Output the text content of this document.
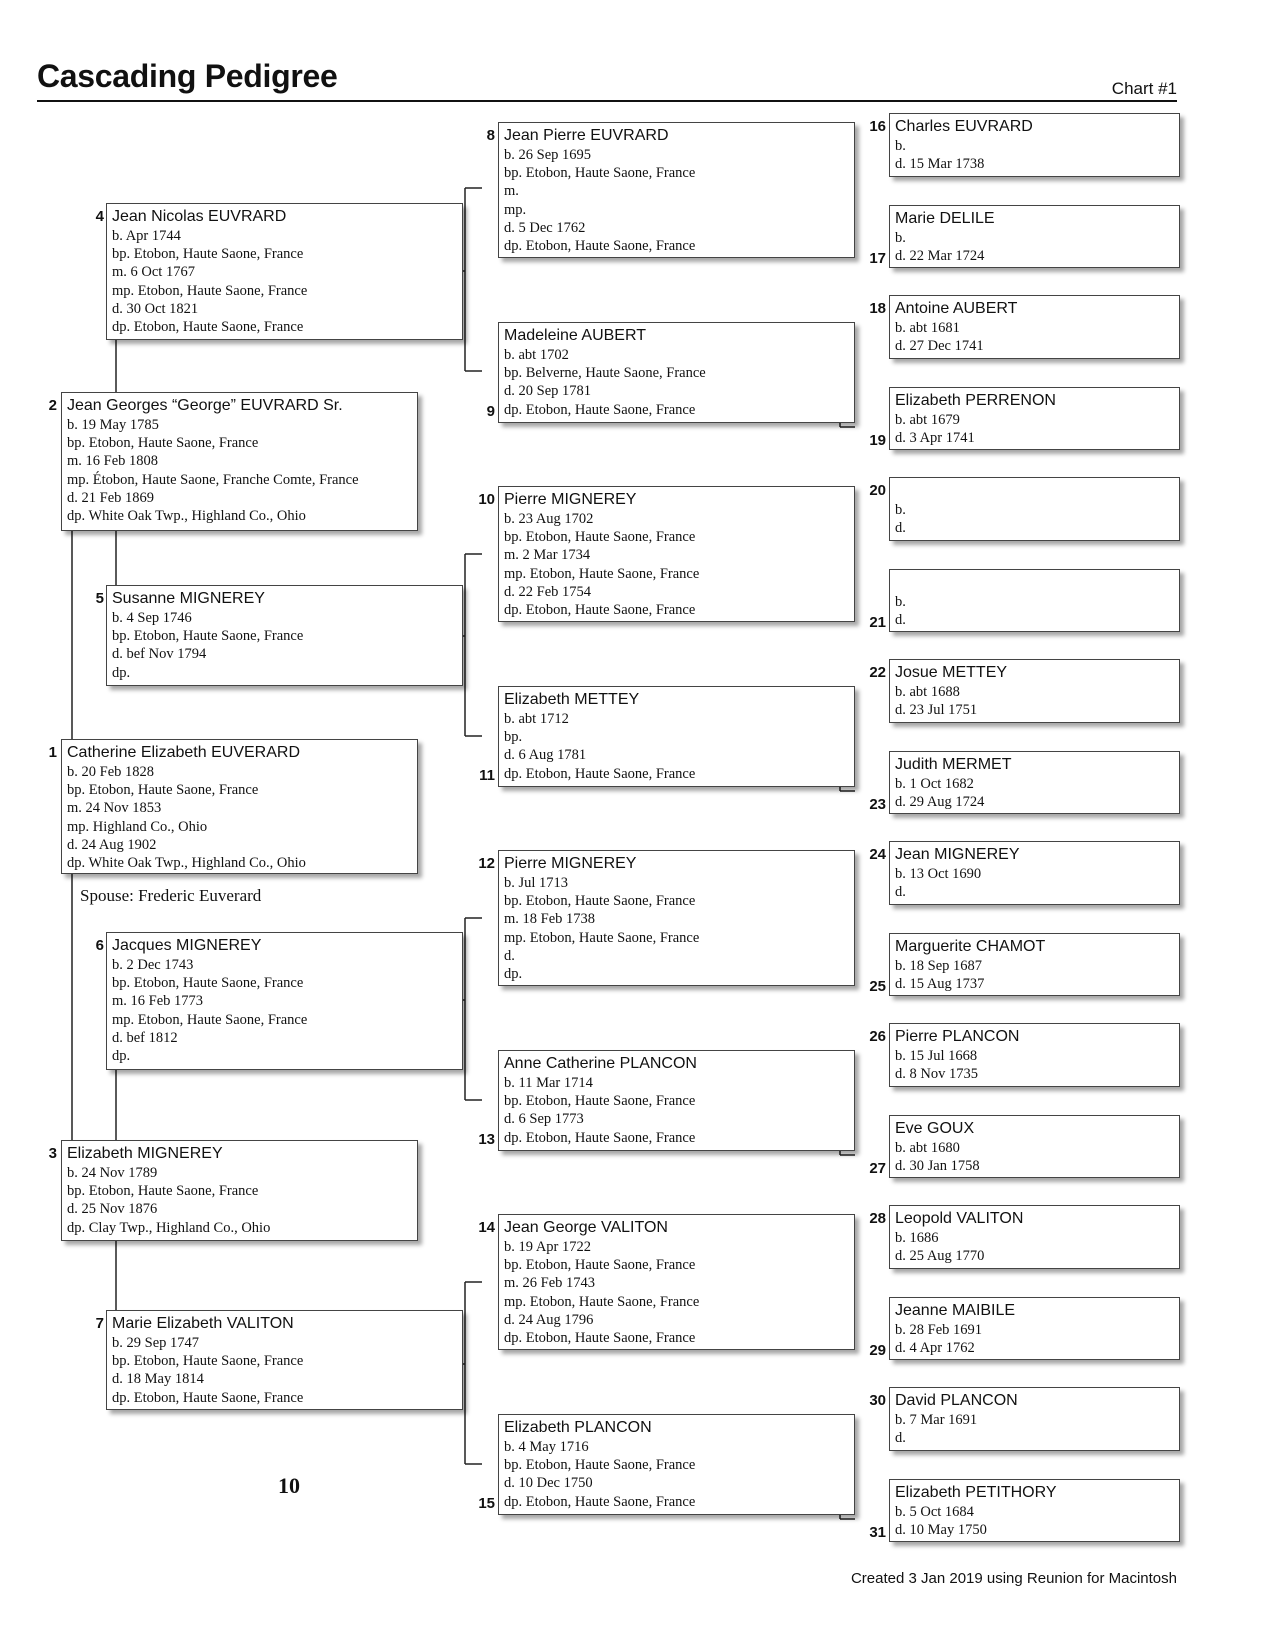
Cascading Pedigree	Chart #1
Catherine Elizabeth EUVERARD
b. 20 Feb 1828
bp. Etobon, Haute Saone, France
m. 24 Nov 1853
mp. Highland Co., Ohio
d. 24 Aug 1902
dp. White Oak Twp., Highland Co., Ohio
1
Spouse: Frederic Euverard
Jean Georges “George” EUVRARD Sr.
b. 19 May 1785
bp. Etobon, Haute Saone, France
m. 16 Feb 1808
mp. Étobon, Haute Saone, Franche Comte, France
d. 21 Feb 1869
dp. White Oak Twp., Highland Co., Ohio
2
Elizabeth MIGNEREY
b. 24 Nov 1789
bp. Etobon, Haute Saone, France
d. 25 Nov 1876
dp. Clay Twp., Highland Co., Ohio
3
Jean Nicolas EUVRARD
b. Apr 1744
bp. Etobon, Haute Saone, France
m. 6 Oct 1767
mp. Etobon, Haute Saone, France
d. 30 Oct 1821
dp. Etobon, Haute Saone, France
4
Susanne MIGNEREY
b. 4 Sep 1746
bp. Etobon, Haute Saone, France
d. bef Nov 1794
dp.
5
Jacques MIGNEREY
b. 2 Dec 1743
bp. Etobon, Haute Saone, France
m. 16 Feb 1773
mp. Etobon, Haute Saone, France
d. bef 1812
dp.
6
Marie Elizabeth VALITON
b. 29 Sep 1747
bp. Etobon, Haute Saone, France
d. 18 May 1814
dp. Etobon, Haute Saone, France
7
Jean Pierre EUVRARD
b. 26 Sep 1695
bp. Etobon, Haute Saone, France
m.
mp.
d. 5 Dec 1762
dp. Etobon, Haute Saone, France
8
Madeleine AUBERT
b. abt 1702
bp. Belverne, Haute Saone, France
d. 20 Sep 1781
dp. Etobon, Haute Saone, France
9
Pierre MIGNEREY
b. 23 Aug 1702
bp. Etobon, Haute Saone, France
m. 2 Mar 1734
mp. Etobon, Haute Saone, France
d. 22 Feb 1754
dp. Etobon, Haute Saone, France
10
Elizabeth METTEY
b. abt 1712
bp.
d. 6 Aug 1781
dp. Etobon, Haute Saone, France
11
Pierre MIGNEREY
b. Jul 1713
bp. Etobon, Haute Saone, France
m. 18 Feb 1738
mp. Etobon, Haute Saone, France
d.
dp.
12
Anne Catherine PLANCON
b. 11 Mar 1714
bp. Etobon, Haute Saone, France
d. 6 Sep 1773
dp. Etobon, Haute Saone, France
13
Jean George VALITON
b. 19 Apr 1722
bp. Etobon, Haute Saone, France
m. 26 Feb 1743
mp. Etobon, Haute Saone, France
d. 24 Aug 1796
dp. Etobon, Haute Saone, France
14
Elizabeth PLANCON
b. 4 May 1716
bp. Etobon, Haute Saone, France
d. 10 Dec 1750
dp. Etobon, Haute Saone, France
15
Charles EUVRARD
b.
d. 15 Mar 1738
16
Marie DELILE
b.
d. 22 Mar 1724
17
Antoine AUBERT
b. abt 1681
d. 27 Dec 1741
18
Elizabeth PERRENON
b. abt 1679
d. 3 Apr 1741
19

b.
d.
20

b.
d.
21
Josue METTEY
b. abt 1688
d. 23 Jul 1751
22
Judith MERMET
b. 1 Oct 1682
d. 29 Aug 1724
23
Jean MIGNEREY
b. 13 Oct 1690
d.
24
Marguerite CHAMOT
b. 18 Sep 1687
d. 15 Aug 1737
25
Pierre PLANCON
b. 15 Jul 1668
d. 8 Nov 1735
26
Eve GOUX
b. abt 1680
d. 30 Jan 1758
27
Leopold VALITON
b. 1686
d. 25 Aug 1770
28
Jeanne MAIBILE
b. 28 Feb 1691
d. 4 Apr 1762
29
David PLANCON
b. 7 Mar 1691
d.
30
Elizabeth PETITHORY
b. 5 Oct 1684
d. 10 May 1750
31
10
Created 3 Jan 2019 using Reunion for Macintosh
